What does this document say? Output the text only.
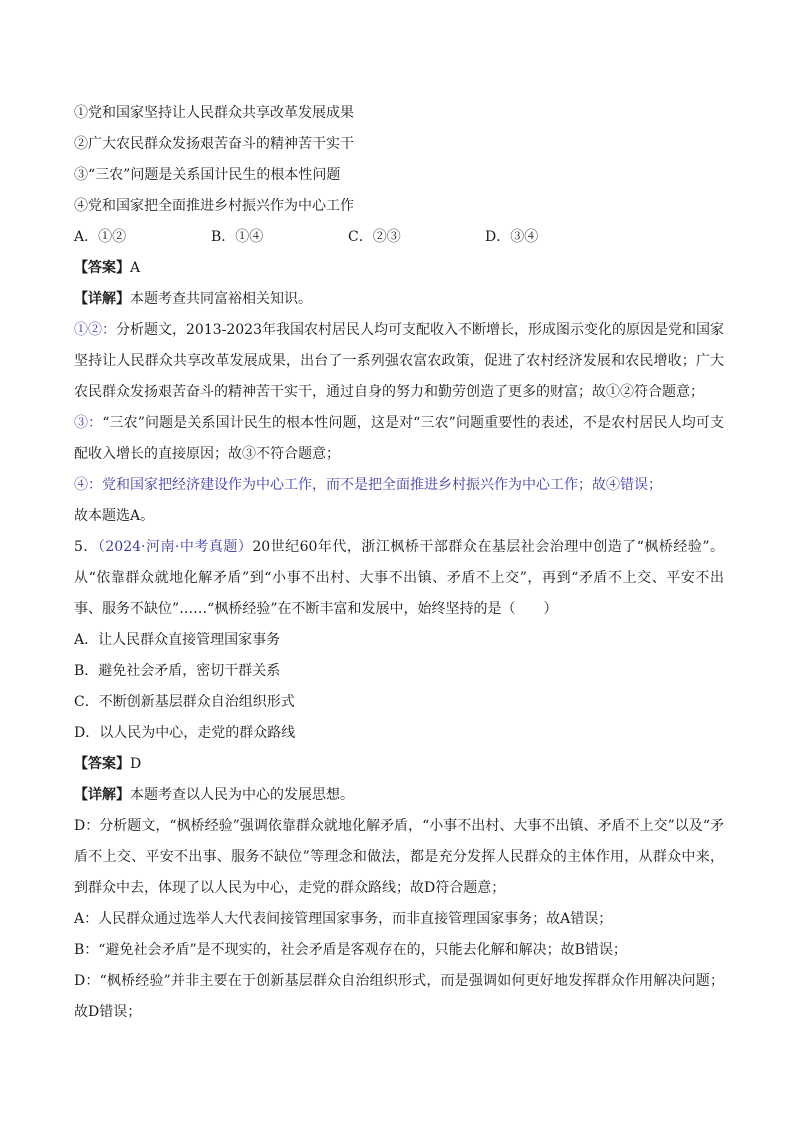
①党和国家坚持让人民群众共享改革发展成果
②广大农民群众发扬艰苦奋斗的精神苦干实干
③“三农”问题是关系国计民生的根本性问题
④党和国家把全面推进乡村振兴作为中心工作
A．①②	B．①④	C．②③	D．③④
【答案】A
【详解】本题考查共同富裕相关知识。
①②：分析题文，2013-2023年我国农村居民人均可支配收入不断增长，形成图示变化的原因是党和国家坚持让人民群众共享改革发展成果，出台了一系列强农富农政策，促进了农村经济发展和农民增收；广大农民群众发扬艰苦奋斗的精神苦干实干，通过自身的努力和勤劳创造了更多的财富；故①②符合题意；
③：“三农”问题是关系国计民生的根本性问题，这是对“三农”问题重要性的表述，不是农村居民人均可支配收入增长的直接原因；故③不符合题意；
④：党和国家把经济建设作为中心工作，而不是把全面推进乡村振兴作为中心工作；故④错误；
故本题选A。
5．（2024·河南·中考真题）20世纪60年代，浙江枫桥干部群众在基层社会治理中创造了“枫桥经验”。从“依靠群众就地化解矛盾”到“小事不出村、大事不出镇、矛盾不上交”，再到“矛盾不上交、平安不出事、服务不缺位”……“枫桥经验”在不断丰富和发展中，始终坚持的是（　　）
A．让人民群众直接管理国家事务
B．避免社会矛盾，密切干群关系
C．不断创新基层群众自治组织形式
D．以人民为中心，走党的群众路线
【答案】D
【详解】本题考查以人民为中心的发展思想。
D：分析题文，“枫桥经验”强调依靠群众就地化解矛盾，“小事不出村、大事不出镇、矛盾不上交”以及“矛盾不上交、平安不出事、服务不缺位”等理念和做法，都是充分发挥人民群众的主体作用，从群众中来，到群众中去，体现了以人民为中心，走党的群众路线；故D符合题意；
A：人民群众通过选举人大代表间接管理国家事务，而非直接管理国家事务；故A错误；
B：“避免社会矛盾”是不现实的，社会矛盾是客观存在的，只能去化解和解决；故B错误；
D：“枫桥经验”并非主要在于创新基层群众自治组织形式，而是强调如何更好地发挥群众作用解决问题；故D错误；
